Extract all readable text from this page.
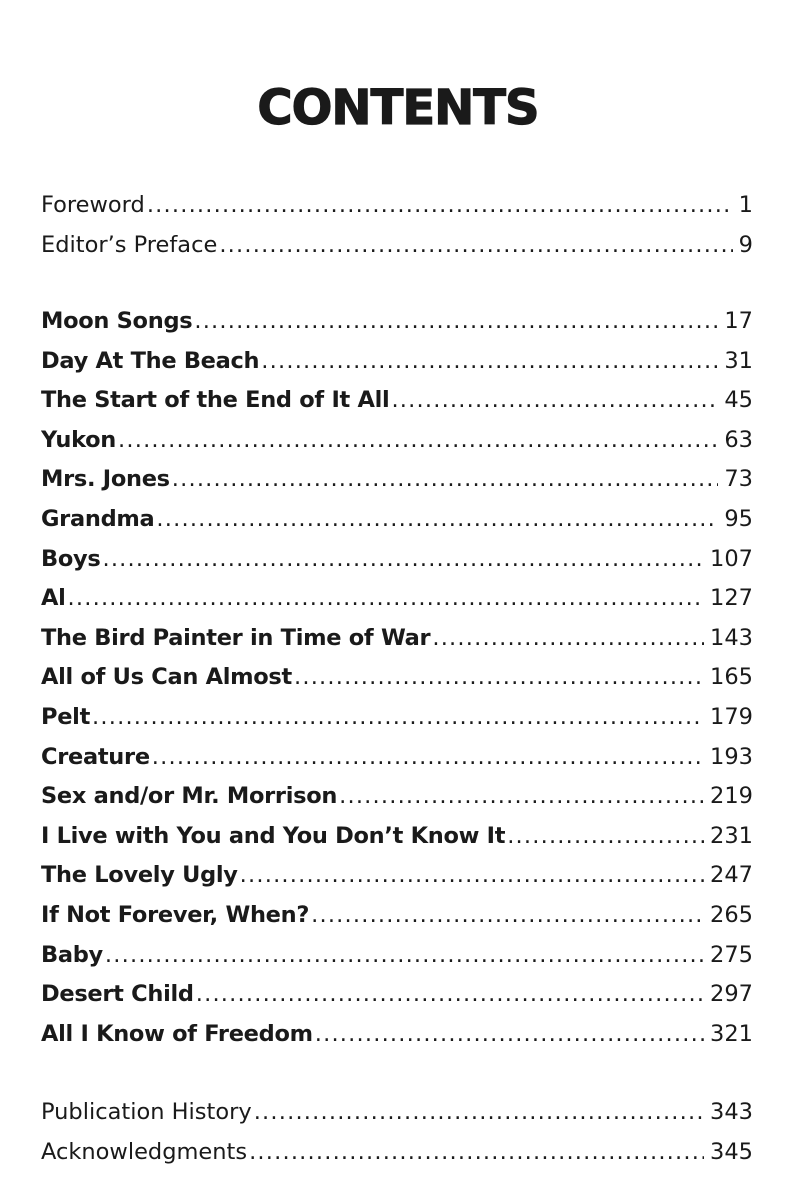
CONTENTS
Foreword .....	1
Editor’s Preface .....	9
Moon Songs .....	17
Day At The Beach .....	31
The Start of the End of It All .....	45
Yukon .....	63
Mrs. Jones .....	73
Grandma .....	95
Boys .....	107
Al .....	127
The Bird Painter in Time of War .....	143
All of Us Can Almost .....	165
Pelt .....	179
Creature .....	193
Sex and/or Mr. Morrison .....	219
I Live with You and You Don’t Know It .....	231
The Lovely Ugly .....	247
If Not Forever, When? .....	265
Baby .....	275
Desert Child .....	297
All I Know of Freedom .....	321
Publication History .....	343
Acknowledgments .....	345
